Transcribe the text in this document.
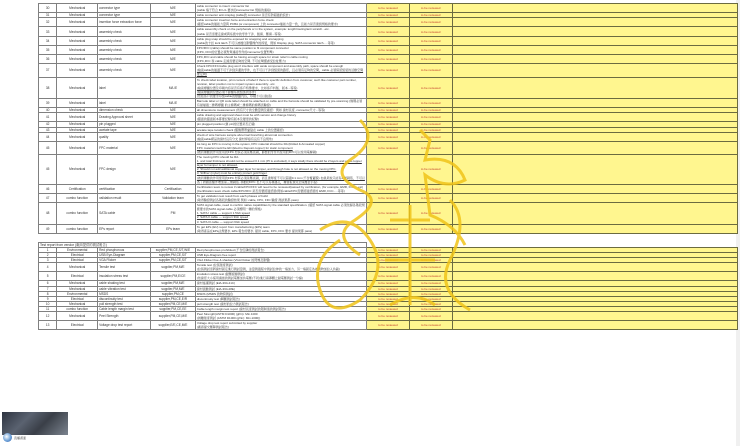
30	Mechanical	connector type	M/E	cable connector to insert: connector list
(cable 端子符合 ID L/L 要求的connector list 規格的連接)	to be reviewed	to be reviewed	
31	Mechanical	connector type	M/E	cable connector anti misplug (cable的 connector 是否有防錯插的設計)	to be reviewed	to be reviewed	
32	Mechanical	insertion force extraction force	M/E	cable connector insertion force and extraction force check
(確認cable的插拔力量與 PCBA (or component) 上的 connector插拔力量一致，且拔力是否達到規格的要求)	to be reviewed	to be reviewed	
33	Mechanical	assembly check	M/E	cable assembly check on the peripherals or in the system, example: length/routing/anti scratch...etc.
(cable 是否需要走線或與系統中的零件干涉、割傷、壓傷...等等)	to be reviewed	to be reviewed	
34	Mechanical	assembly check	M/E	cable plug snap should be exposed for snapping and unsnapping
(cable的卡扣 lock latch 不可以被擋住影響操作的拆裝，例如 Display plug, SATA connector latch.... 等等)	to be reviewed	to be reviewed	
35	Mechanical	assembly check	M/E	FPC/FFC (cable) should be same position to fit component connector
(FPC, FFC的位置必須對齊連接零件的connector位置對準)	to be reviewed	to be reviewed	
36	Mechanical	assembly check	M/E	FPC,FFC and cable should be having enough space for strain relief in cable routing
(FPC,FFC 和 cable 走線需要足夠的空間, 不可在彎摺處受拉扯應力)	to be reviewed	to be reviewed	
37	Mechanical	assembly check	M/E	Check FPC/FFC/cable plug won't interfere with aside component and assembly path, space should be enough
(檢查cable的插頭不可干涉到旁邊的零件，也不可以干涉到組裝的路徑，且必須有足夠的空間，cable 必須保留組裝的活動空間要足夠)	to be reviewed	to be reviewed	
38	Mechanical	label	M/L/E	To check label location, print content of label if there is specific definition from customer, such like customer part number, revision, label position not to impact system assembly.. etc.
(檢查標籤位置及印刷內容是否有客戶特殊要求，比如客戶料號、版本...等等)
(檢查標籤的位置必須不影響系統組裝的部件)
(依照客戶的要求印製cable的標籤內容，印刷不可以脫落)	to be reviewed	to be reviewed	
39	Mechanical	label	M/L/E	Barcode label or QR code label should be attached on cable and the barcode should be validated by pre-scanning (條碼必須有掃描過二維碼標籤 的主條碼或二維條碼的條碼需驗證)	to be reviewed	to be reviewed	
40	Mechanical	dimension check	M/E	all dimensions measurement (所有尺寸的全數量測及確認：例如 線材長度, connector尺寸...等等)	to be reviewed	to be reviewed	
41	Mechanical	Drawing Approval sheet	M/E	cable drawing and approval sheet must be with version and change history
(圖面的圖面版本都要記錄有版本及變更的紀錄)	to be reviewed	to be reviewed	
42	Mechanical	pin plugged	M/E	pin plugged position (塞 pin的位置是否正確)	to be reviewed	to be reviewed	
43	Mechanical	acetate tape	M/E	acetate tape location check (醋酸膠帶黏貼在 cable 上的位置確認)	to be reviewed	to be reviewed	
44	Mechanical	quality	M/E	check of wire harness sample abnormal branching abnormal connection
(檢查cable樣品的線材沒有分支 線材焊接有沒有不良現象)	to be reviewed	to be reviewed	
45	Mechanical	FPC material	M/E	As long as FPC is moving in the system, FPC material should be RA (Rolled & Annealed copper)
FPC material could be ED (Electro Deposit copper) for static component
(被折疊動的作用使用的FPC 材質必須是壓延銅，靜態的零件所使用的FPC可以使用電解銅)	to be reviewed	to be reviewed	
45	Mechanical	FPC design	M/E	The moving FPC should be RA.
1. and total thickness should not be exceed 0.1 mm (PI is excluded), it says totally there should be 2 layers and extra copper layer for tamper is not allowed.
2. Should not add additional copper layer for tamper, and through hole is not allowed on the moving FPC.
3. Stiffner (mylar) must be entirely protect gold finger.
(被折疊動的作用使用的FPC 材質必須是壓延銅，而且總厚度不可以超過0.1 mm (不含覆蓋膜) 也就是說只能有2 層銅箔，不可以為了防鎖而額外增加第三層銅箔, 移動的FPC 也不可以有導通孔，補強板須完全保護金手指)	to be reviewed	to be reviewed	
46	Certification	certification	Certification	Certification team to review if cable/FPC/FFC will need to be reviewed/passed by certification, (for example, EMR, FCC... etc)
(Certification team check cable/FPC/FFC 是否需要經過認證(例如cable/FPC需要經過認證的 EMR, FCC.....等等)	to be reviewed	to be reviewed	
47	combo function	validation result	Validation team	To get validation test result from each phases of build
(取得驗證測試各階段的驗證結果 例如: cable, FPC, FFC 驗證 測試果都 pass)	to be reviewed	to be reviewed	
48	combo function	SATA cable	PM	SATA signal cable, need to confirm native capabilities by the standard specification. (確認 SATA signal cable 必須依據各階段規範要求的SATA signal cable 必須標明一種的規格)
1. SATA I cable --- support 1.5Gb speed
2. SATA II cable --- support 3Gb speed
3. SATA III cable --- support 6Gb speed	to be reviewed	to be reviewed	
49	combo function	EPs report	EPs team	To get EPs (EU) report from manufacturing (EPs) team
(取得產品在EPs法規要求, EPs 報告的要求, 提供 cable, FPC, FFC 要求 提供果都 pass)	to be reviewed	to be reviewed	
Test report from vendor (廠商提供的測試報告)							
1	Environmental	Red phosphorous	supplier,PM,CE,S/T,W/E	Red phosphorous prohibited (不含紅磷的測試報告)	to be reviewed	to be reviewed	
2	Electrical	USB Eye-Diagram	supplier,PM,CE,S/T	USB Eye-Diagram free report	to be reviewed	to be reviewed	
3	Electrical	VGA Flicker	supplier,PM,CE,S/T	VGA Flicker free & shadow (VGA Flicker 的閃爍及影響)	to be reviewed	to be reviewed	
4	Mechanical	Tensile test	supplier,PM,M/E	Tensile test (拉張強度測試)
(拉張測試需將線材固定進行測試量測，並量測過程中測試拉伸的一端加力，另一端固定為被測物加拉入負載)	to be reviewed	to be reviewed	
5	Electrical	insulation stress test	supplier,PM,E/CE	insulation stress test (耐壓絕緣測試)
(依線徑大小採用適當的測試電壓加負電壓(不同)進行兩導體之耐電壓測試一分鐘)	to be reviewed	to be reviewed	
6	Mechanical	cable shaking test	supplier,PM,M/E	線材搖擺測試 (EIA-364-41C)	to be reviewed	to be reviewed	
7	Mechanical	cable vibration test	supplier,PM,M/E	線材振動測試 (EIA-364-28E)	to be reviewed	to be reviewed	
8	Environmental	MSDS	supplier,PM,CE	MSDS (MSDS 的物質測試)	to be reviewed	to be reviewed	
9	Electrical	discontinuity test	supplier,PM,CE,E/R	discontinuity test (瞬斷測試報告)	to be reviewed	to be reviewed	
10	Mechanical	pull strength test	supplier,PM,CE,M/E	pull strength test (線材的拉力測試報告)	to be reviewed	to be reviewed	
11	combo function	Cable length margin test	supplier,PM,CE,EE	Cable length margin test report (線材長度測試的限制值的測試報告)	to be reviewed	to be reviewed	
12	Mechanical	Peel Strength	supplier,PM,CE,M/E	Peel Strength(ASTM D1000) (gf/in): Min.1000
(剝離強度測試 (ASTM D1000 (gf/in): Min.1000))	to be reviewed	to be reviewed	
13	Electrical	Voltage drop test report	supplier,E/E,CE,M/E	Voltage drop test report submitted by supplier
(廠商提交壓降測試報告)	to be reviewed	to be reviewed	
直播畫面
